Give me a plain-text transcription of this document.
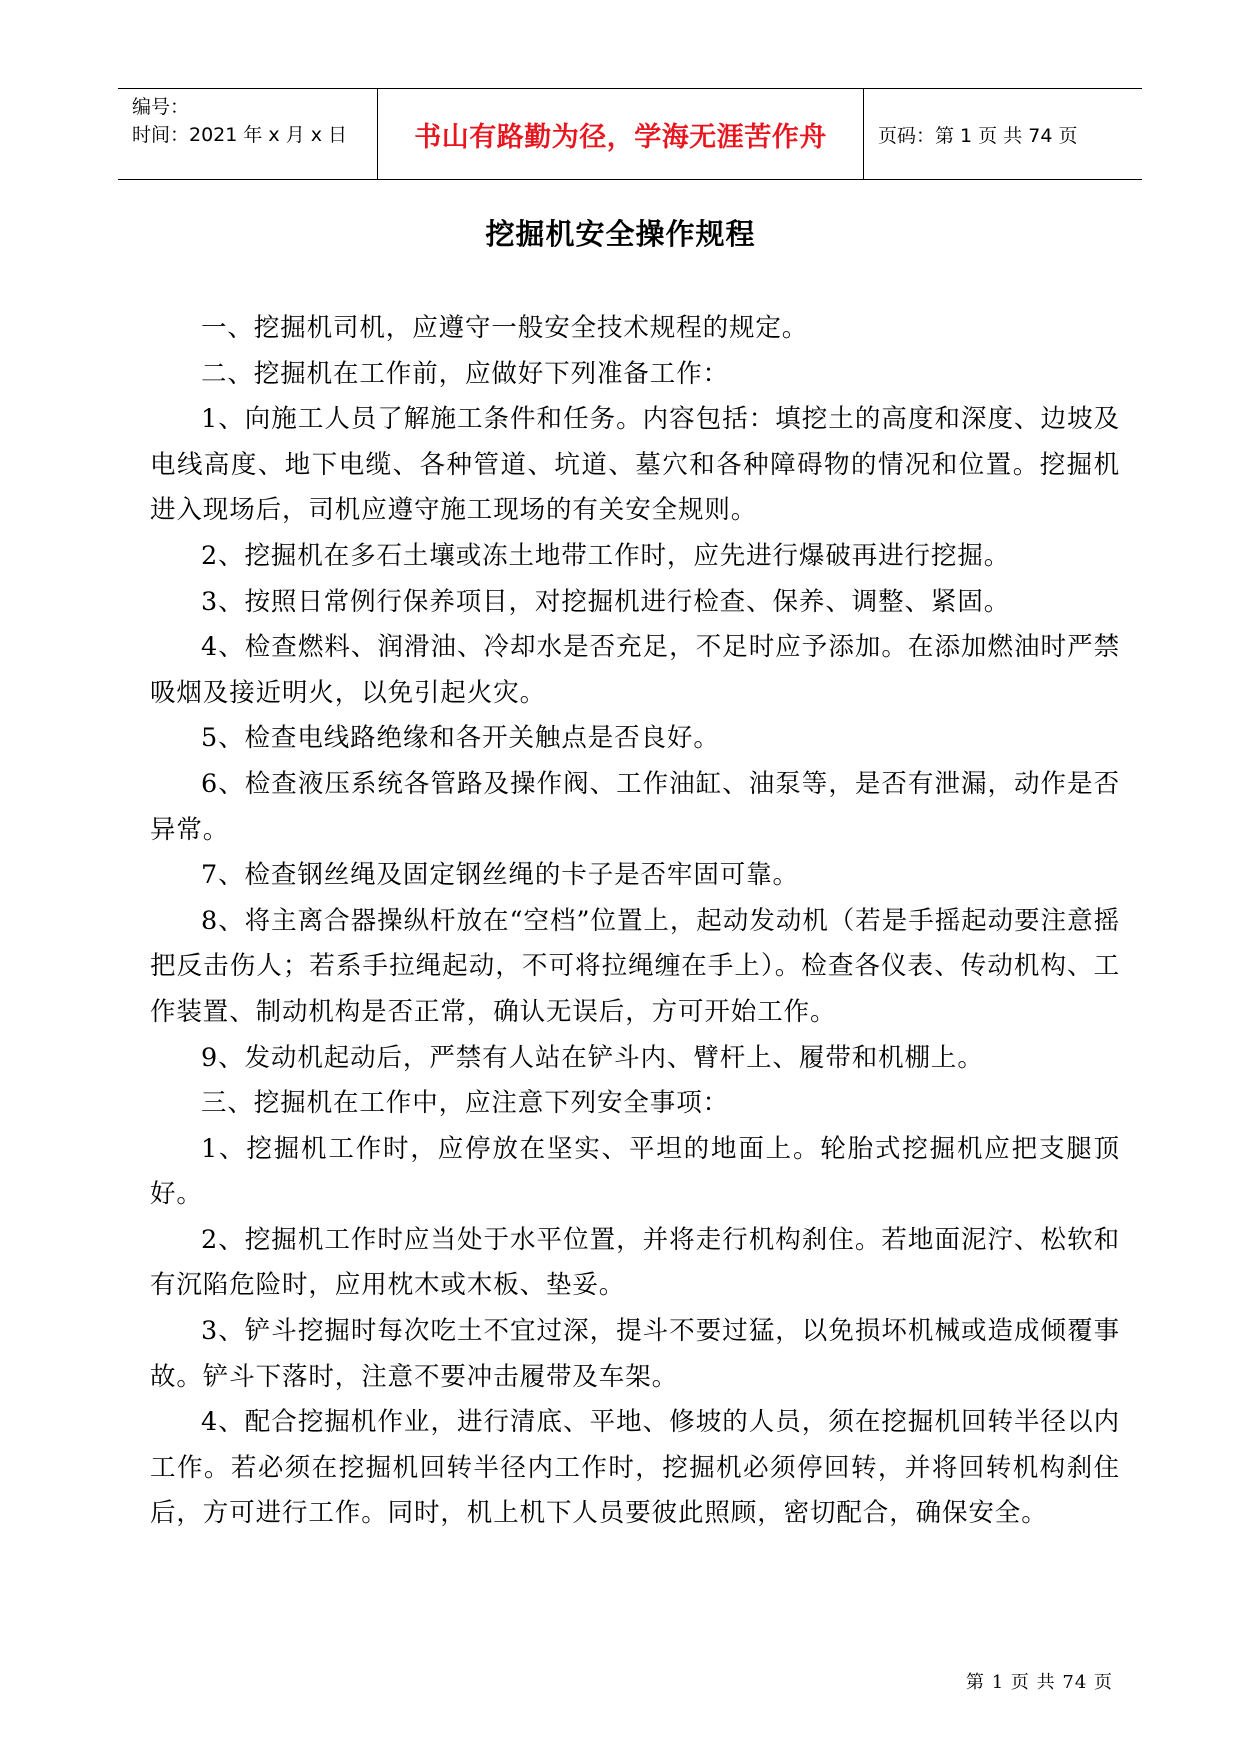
编号：
时间：2021 年 x 月 x 日	书山有路勤为径，学海无涯苦作舟	页码：第 1 页 共 74 页
挖掘机安全操作规程

一、挖掘机司机，应遵守一般安全技术规程的规定。

二、挖掘机在工作前，应做好下列准备工作：

1、向施工人员了解施工条件和任务。内容包括：填挖土的高度和深度、边坡及电线高度、地下电缆、各种管道、坑道、墓穴和各种障碍物的情况和位置。挖掘机进入现场后，司机应遵守施工现场的有关安全规则。

2、挖掘机在多石土壤或冻土地带工作时，应先进行爆破再进行挖掘。

3、按照日常例行保养项目，对挖掘机进行检查、保养、调整、紧固。

4、检查燃料、润滑油、冷却水是否充足，不足时应予添加。在添加燃油时严禁吸烟及接近明火，以免引起火灾。

5、检查电线路绝缘和各开关触点是否良好。

6、检查液压系统各管路及操作阀、工作油缸、油泵等，是否有泄漏，动作是否异常。

7、检查钢丝绳及固定钢丝绳的卡子是否牢固可靠。

8、将主离合器操纵杆放在“空档”位置上，起动发动机（若是手摇起动要注意摇把反击伤人；若系手拉绳起动，不可将拉绳缠在手上）。检查各仪表、传动机构、工作装置、制动机构是否正常，确认无误后，方可开始工作。

9、发动机起动后，严禁有人站在铲斗内、臂杆上、履带和机棚上。

三、挖掘机在工作中，应注意下列安全事项：

1、挖掘机工作时，应停放在坚实、平坦的地面上。轮胎式挖掘机应把支腿顶好。

2、挖掘机工作时应当处于水平位置，并将走行机构刹住。若地面泥泞、松软和有沉陷危险时，应用枕木或木板、垫妥。

3、铲斗挖掘时每次吃土不宜过深，提斗不要过猛，以免损坏机械或造成倾覆事故。铲斗下落时，注意不要冲击履带及车架。

4、配合挖掘机作业，进行清底、平地、修坡的人员，须在挖掘机回转半径以内工作。若必须在挖掘机回转半径内工作时，挖掘机必须停回转，并将回转机构刹住后，方可进行工作。同时，机上机下人员要彼此照顾，密切配合，确保安全。

第 1 页 共 74 页
